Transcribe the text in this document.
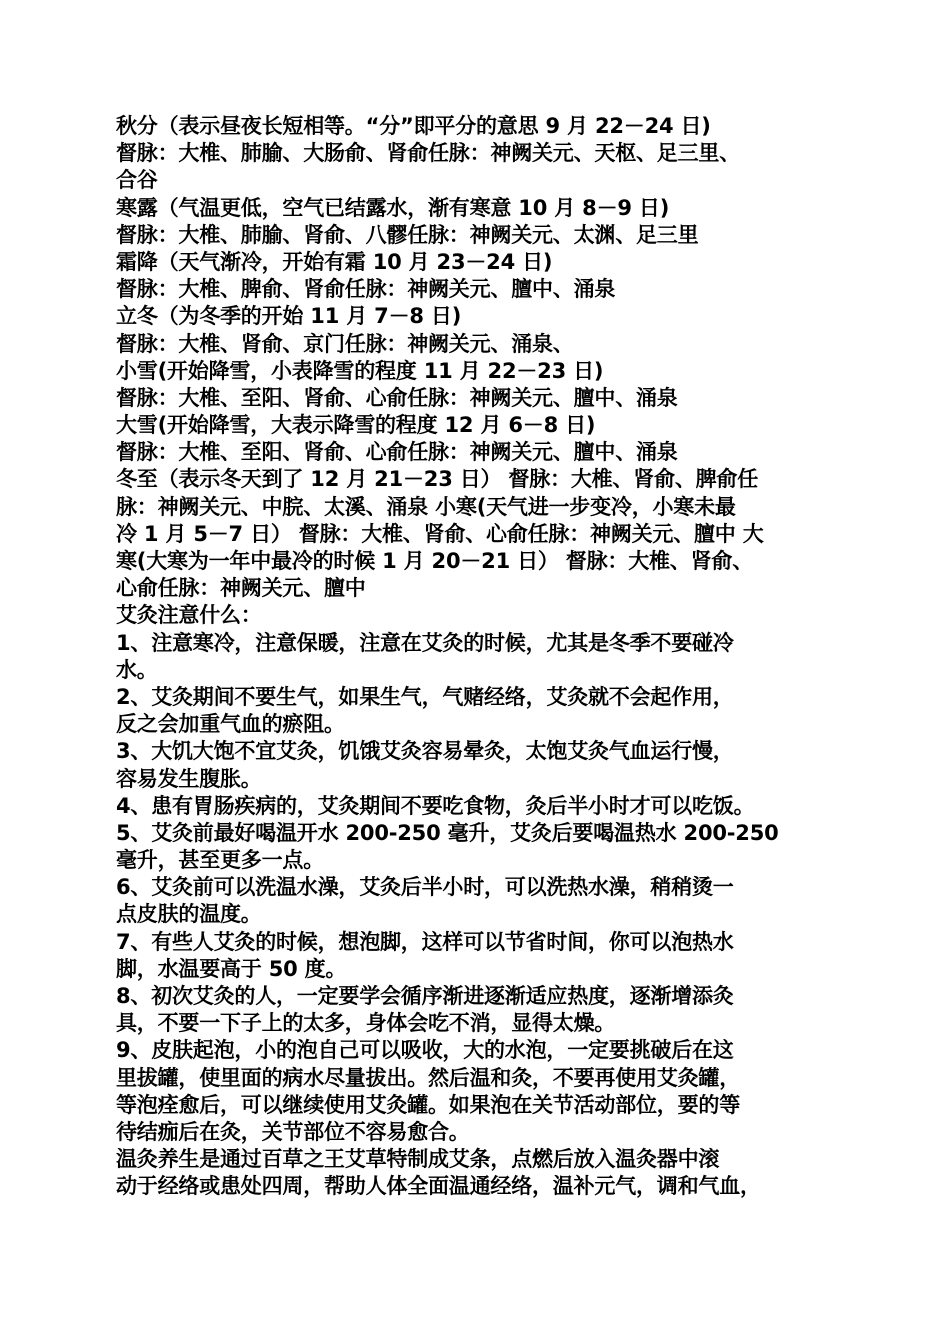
秋分（表示昼夜长短相等。“分”即平分的意思 9 月 22－24 日)
督脉：大椎、肺腧、大肠俞、肾俞任脉：神阙关元、天枢、足三里、
合谷
寒露（气温更低，空气已结露水，渐有寒意 10 月 8－9 日)
督脉：大椎、肺腧、肾俞、八髎任脉：神阙关元、太渊、足三里
霜降（天气渐冷，开始有霜 10 月 23－24 日)
督脉：大椎、脾俞、肾俞任脉：神阙关元、膻中、涌泉
立冬（为冬季的开始 11 月 7－8 日)
督脉：大椎、肾俞、京门任脉：神阙关元、涌泉、
小雪(开始降雪，小表降雪的程度 11 月 22－23 日)
督脉：大椎、至阳、肾俞、心俞任脉：神阙关元、膻中、涌泉
大雪(开始降雪，大表示降雪的程度 12 月 6－8 日)
督脉：大椎、至阳、肾俞、心俞任脉：神阙关元、膻中、涌泉
冬至（表示冬天到了 12 月 21－23 日） 督脉：大椎、肾俞、脾俞任
脉：神阙关元、中脘、太溪、涌泉 小寒(天气进一步变冷，小寒未最
冷 1 月 5－7 日） 督脉：大椎、肾俞、心俞任脉：神阙关元、膻中 大
寒(大寒为一年中最冷的时候 1 月 20－21 日） 督脉：大椎、肾俞、
心俞任脉：神阙关元、膻中
艾灸注意什么：
1、注意寒冷，注意保暖，注意在艾灸的时候，尤其是冬季不要碰冷
水。
2、艾灸期间不要生气，如果生气，气赌经络，艾灸就不会起作用，
反之会加重气血的瘀阻。
3、大饥大饱不宜艾灸，饥饿艾灸容易晕灸，太饱艾灸气血运行慢，
容易发生腹胀。
4、患有胃肠疾病的，艾灸期间不要吃食物，灸后半小时才可以吃饭。
5、艾灸前最好喝温开水 200-250 毫升，艾灸后要喝温热水 200-250
毫升，甚至更多一点。
6、艾灸前可以洗温水澡，艾灸后半小时，可以洗热水澡，稍稍烫一
点皮肤的温度。
7、有些人艾灸的时候，想泡脚，这样可以节省时间，你可以泡热水
脚，水温要高于 50 度。
8、初次艾灸的人，一定要学会循序渐进逐渐适应热度，逐渐增添灸
具，不要一下子上的太多，身体会吃不消，显得太燥。
9、皮肤起泡，小的泡自己可以吸收，大的水泡，一定要挑破后在这
里拔罐，使里面的病水尽量拔出。然后温和灸，不要再使用艾灸罐，
等泡痊愈后，可以继续使用艾灸罐。如果泡在关节活动部位，要的等
待结痂后在灸，关节部位不容易愈合。
温灸养生是通过百草之王艾草特制成艾条，点燃后放入温灸器中滚
动于经络或患处四周，帮助人体全面温通经络，温补元气，调和气血，
